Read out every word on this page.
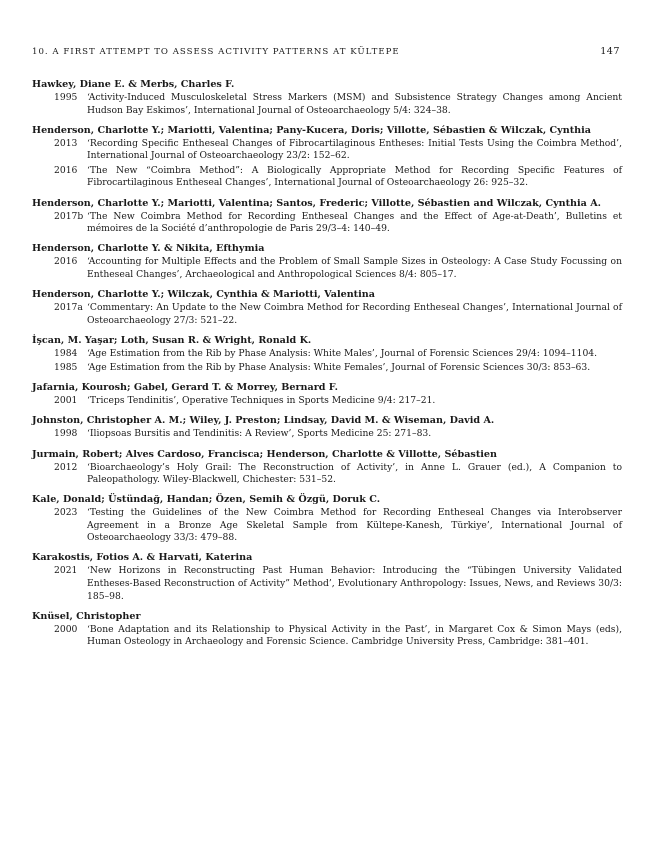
10. A FIRST ATTEMPT TO ASSESS ACTIVITY PATTERNS AT KÜLTEPE	147
Hawkey, Diane E. & Merbs, Charles F.
1995 ‘Activity-Induced Musculoskeletal Stress Markers (MSM) and Subsistence Strategy Changes among Ancient Hudson Bay Eskimos’, International Journal of Osteoarchaeology 5/4: 324–38.
Henderson, Charlotte Y.; Mariotti, Valentina; Pany-Kucera, Doris; Villotte, Sébastien & Wilczak, Cynthia
2013 ‘Recording Specific Entheseal Changes of Fibrocartilaginous Entheses: Initial Tests Using the Coimbra Method’, International Journal of Osteoarchaeology 23/2: 152–62.
2016 ‘The New “Coimbra Method”: A Biologically Appropriate Method for Recording Specific Features of Fibrocartilaginous Entheseal Changes’, International Journal of Osteoarchaeology 26: 925–32.
Henderson, Charlotte Y.; Mariotti, Valentina; Santos, Frederic; Villotte, Sébastien and Wilczak, Cynthia A.
2017b ‘The New Coimbra Method for Recording Entheseal Changes and the Effect of Age-at-Death’, Bulletins et mémoires de la Société d’anthropologie de Paris 29/3–4: 140–49.
Henderson, Charlotte Y. & Nikita, Efthymia
2016 ‘Accounting for Multiple Effects and the Problem of Small Sample Sizes in Osteology: A Case Study Focussing on Entheseal Changes’, Archaeological and Anthropological Sciences 8/4: 805–17.
Henderson, Charlotte Y.; Wilczak, Cynthia & Mariotti, Valentina
2017a ‘Commentary: An Update to the New Coimbra Method for Recording Entheseal Changes’, International Journal of Osteoarchaeology 27/3: 521–22.
İşcan, M. Yaşar; Loth, Susan R. & Wright, Ronald K.
1984 ‘Age Estimation from the Rib by Phase Analysis: White Males’, Journal of Forensic Sciences 29/4: 1094–1104.
1985 ‘Age Estimation from the Rib by Phase Analysis: White Females’, Journal of Forensic Sciences 30/3: 853–63.
Jafarnia, Kourosh; Gabel, Gerard T. & Morrey, Bernard F.
2001 ‘Triceps Tendinitis’, Operative Techniques in Sports Medicine 9/4: 217–21.
Johnston, Christopher A. M.; Wiley, J. Preston; Lindsay, David M. & Wiseman, David A.
1998 ‘Iliopsoas Bursitis and Tendinitis: A Review’, Sports Medicine 25: 271–83.
Jurmain, Robert; Alves Cardoso, Francisca; Henderson, Charlotte & Villotte, Sébastien
2012 ‘Bioarchaeology’s Holy Grail: The Reconstruction of Activity’, in Anne L. Grauer (ed.), A Companion to Paleopathology. Wiley-Blackwell, Chichester: 531–52.
Kale, Donald; Üstündağ, Handan; Özen, Semih & Özgü, Doruk C.
2023 ‘Testing the Guidelines of the New Coimbra Method for Recording Entheseal Changes via Interobserver Agreement in a Bronze Age Skeletal Sample from Kültepe-Kanesh, Türkiye’, International Journal of Osteoarchaeology 33/3: 479–88.
Karakostis, Fotios A. & Harvati, Katerina
2021 ‘New Horizons in Reconstructing Past Human Behavior: Introducing the “Tübingen University Validated Entheses-Based Reconstruction of Activity” Method’, Evolutionary Anthropology: Issues, News, and Reviews 30/3: 185–98.
Knüsel, Christopher
2000 ‘Bone Adaptation and its Relationship to Physical Activity in the Past’, in Margaret Cox & Simon Mays (eds), Human Osteology in Archaeology and Forensic Science. Cambridge University Press, Cambridge: 381–401.
